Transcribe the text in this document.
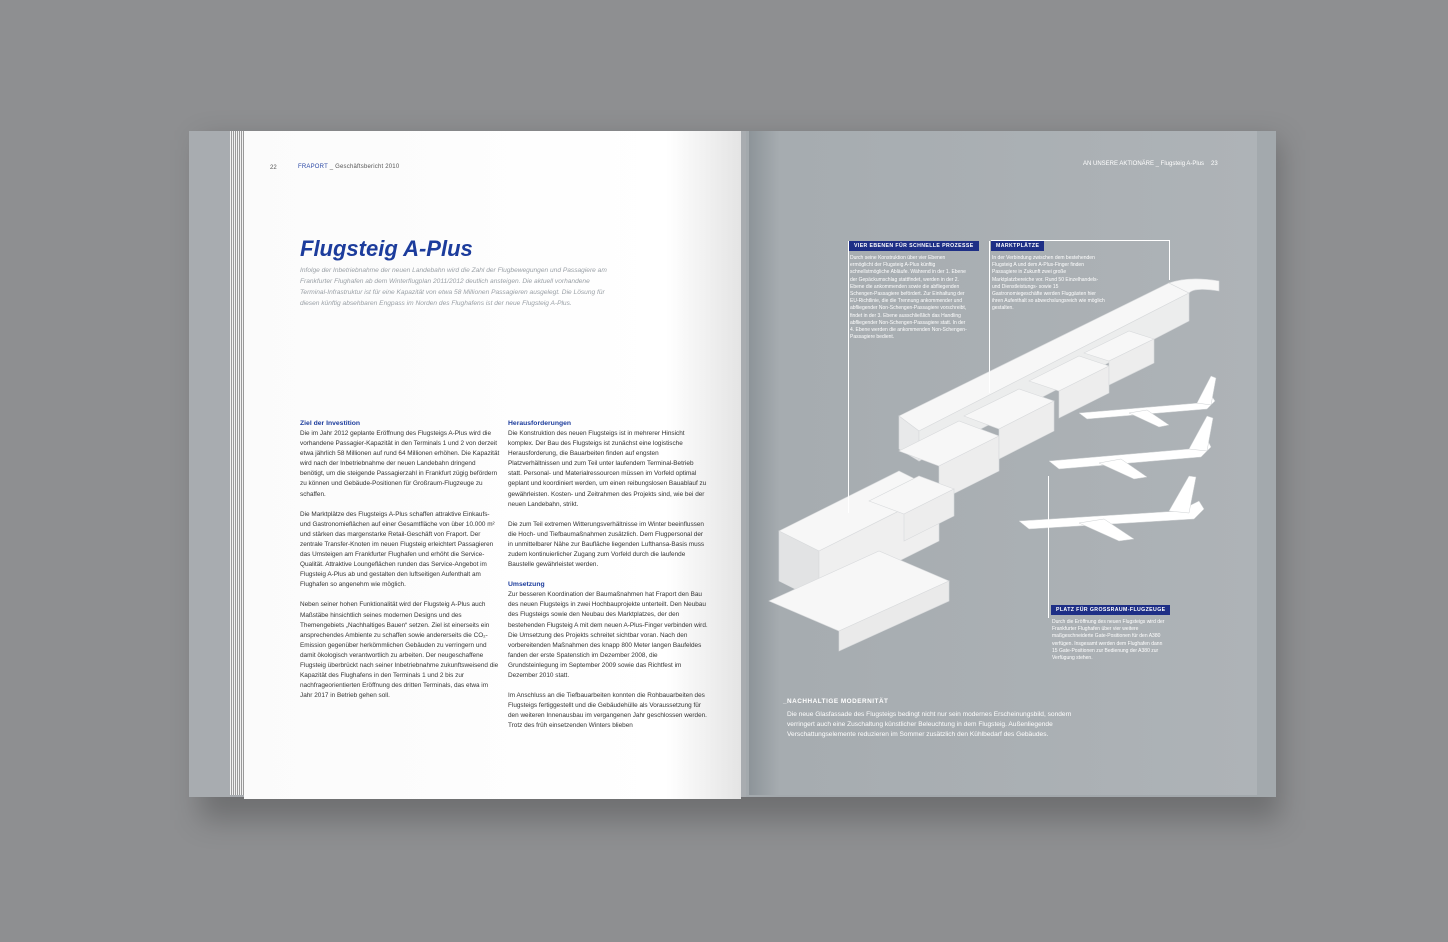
22	FRAPORT _ Geschäftsbericht 2010
Flugsteig A-Plus
Infolge der Inbetriebnahme der neuen Landebahn wird die Zahl der Flugbewegungen und Passagiere am Frankfurter Flughafen ab dem Winterflugplan 2011/2012 deutlich ansteigen. Die aktuell vorhandene Terminal-Infrastruktur ist für eine Kapazität von etwa 58 Millionen Passagieren ausgelegt. Die Lösung für diesen künftig absehbaren Engpass im Norden des Flughafens ist der neue Flugsteig A-Plus.
Ziel der Investition

Die im Jahr 2012 geplante Eröffnung des Flugsteigs A-Plus wird die vorhandene Passagier-Kapazität in den Terminals 1 und 2 von derzeit etwa jährlich 58 Millionen auf rund 64 Millionen erhöhen. Die Kapazität wird nach der Inbetriebnahme der neuen Landebahn dringend benötigt, um die steigende Passagierzahl in Frankfurt zügig befördern zu können und Gebäude-Positionen für Großraum-Flugzeuge zu schaffen.

Die Marktplätze des Flugsteigs A-Plus schaffen attraktive Einkaufs- und Gastronomieflächen auf einer Gesamtfläche von über 10.000 m² und stärken das margenstarke Retail-Geschäft von Fraport. Der zentrale Transfer-Knoten im neuen Flugsteig erleichtert Passagieren das Umsteigen am Frankfurter Flughafen und erhöht die Service-Qualität. Attraktive Loungeflächen runden das Service-Angebot im Flugsteig A-Plus ab und gestalten den luftseitigen Aufenthalt am Flughafen so angenehm wie möglich.

Neben seiner hohen Funktionalität wird der Flugsteig A-Plus auch Maßstäbe hinsichtlich seines modernen Designs und des Themengebiets „Nachhaltiges Bauen“ setzen. Ziel ist einerseits ein ansprechendes Ambiente zu schaffen sowie andererseits die CO₂-Emission gegenüber herkömmlichen Gebäuden zu verringern und damit ökologisch verantwortlich zu arbeiten. Der neugeschaffene Flugsteig überbrückt nach seiner Inbetriebnahme zukunftsweisend die Kapazität des Flughafens in den Terminals 1 und 2 bis zur nachfrageorientierten Eröffnung des dritten Terminals, das etwa im Jahr 2017 in Betrieb gehen soll.

Herausforderungen

Die Konstruktion des neuen Flugsteigs ist in mehrerer Hinsicht komplex. Der Bau des Flugsteigs ist zunächst eine logistische Herausforderung, die Bauarbeiten finden auf engsten Platzverhältnissen und zum Teil unter laufendem Terminal-Betrieb statt. Personal- und Materialressourcen müssen im Vorfeld optimal geplant und koordiniert werden, um einen reibungslosen Bauablauf zu gewährleisten. Kosten- und Zeitrahmen des Projekts sind, wie bei der neuen Landebahn, strikt.

Die zum Teil extremen Witterungsverhältnisse im Winter beeinflussen die Hoch- und Tiefbaumaßnahmen zusätzlich. Dem Flugpersonal der in unmittelbarer Nähe zur Baufläche liegenden Lufthansa-Basis muss zudem kontinuierlicher Zugang zum Vorfeld durch die laufende Baustelle gewährleistet werden.

Umsetzung

Zur besseren Koordination der Baumaßnahmen hat Fraport den Bau des neuen Flugsteigs in zwei Hochbauprojekte unterteilt. Den Neubau des Flugsteigs sowie den Neubau des Marktplatzes, der den bestehenden Flugsteig A mit dem neuen A-Plus-Finger verbinden wird. Die Umsetzung des Projekts schreitet sichtbar voran. Nach den vorbereitenden Maßnahmen des knapp 800 Meter langen Baufeldes fanden der erste Spatenstich im Dezember 2008, die Grundsteinlegung im September 2009 sowie das Richtfest im Dezember 2010 statt.

Im Anschluss an die Tiefbauarbeiten konnten die Rohbauarbeiten des Flugsteigs fertiggestellt und die Gebäudehülle als Voraussetzung für den weiteren Innenausbau im vergangenen Jahr geschlossen werden. Trotz des früh einsetzenden Winters blieben

AN UNSERE AKTIONÄRE _ Flugsteig A-Plus 23
VIER EBENEN FÜR SCHNELLE PROZESSE
Durch seine Konstruktion über vier Ebenen ermöglicht der Flugsteig A-Plus künftig schnellstmögliche Abläufe. Während in der 1. Ebene der Gepäckumschlag stattfindet, werden in der 2. Ebene die ankommenden sowie die abfliegenden Schengen-Passagiere befördert. Zur Einhaltung der EU-Richtlinie, die die Trennung ankommender und abfliegender Non-Schengen-Passagiere vorschreibt, findet in der 3. Ebene ausschließlich das Handling abfliegender Non-Schengen-Passagiere statt. In der 4. Ebene werden die ankommenden Non-Schengen-Passagiere bedient.
MARKTPLÄTZE
In der Verbindung zwischen dem bestehenden Flugsteig A und dem A-Plus-Finger finden Passagiere in Zukunft zwei große Marktplatzbereiche vor. Rund 50 Einzelhandels- und Dienstleistungs- sowie 15 Gastronomiegeschäfte werden Fluggästen hier ihren Aufenthalt so abwechslungsreich wie möglich gestalten.
PLATZ FÜR GROSSRAUM-FLUGZEUGE
Durch die Eröffnung des neuen Flugsteigs wird der Frankfurter Flughafen über vier weitere maßgeschneiderte Gate-Positionen für den A380 verfügen. Insgesamt werden dem Flughafen dann 15 Gate-Positionen zur Bedienung der A380 zur Verfügung stehen.
_NACHHALTIGE MODERNITÄT
Die neue Glasfassade des Flugsteigs bedingt nicht nur sein modernes Erscheinungsbild, sondern verringert auch eine Zuschaltung künstlicher Beleuchtung in dem Flugsteig. Außenliegende Verschattungselemente reduzieren im Sommer zusätzlich den Kühlbedarf des Gebäudes.
